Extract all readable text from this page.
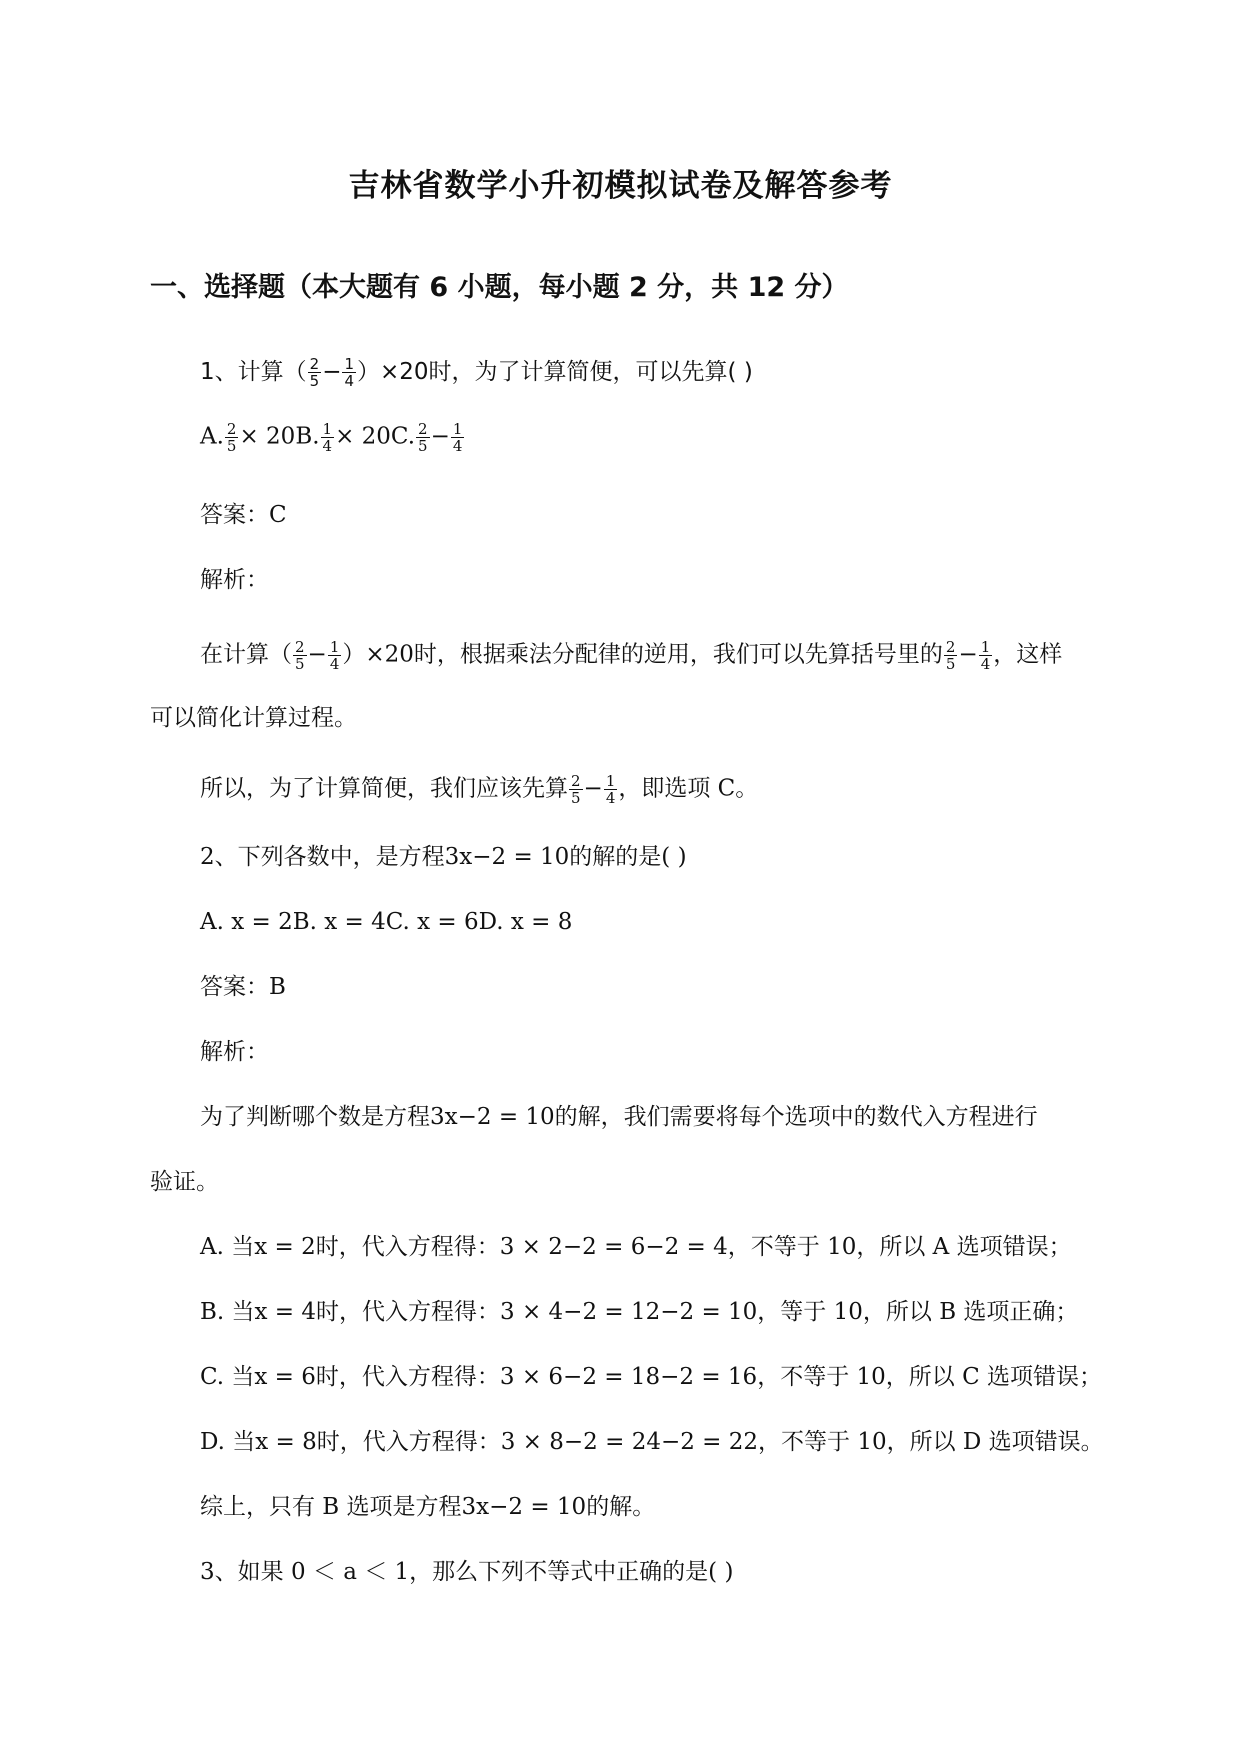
吉林省数学小升初模拟试卷及解答参考
一、选择题（本大题有 6 小题，每小题 2 分，共 12 分）
1、计算（ $\frac{2}{5} - \frac{1}{4} )\times 20$时，为了计算简便，可以先算( )
A. $\frac{2}{5} \times 20B$. $\frac{1}{4} \times 20C$. $\frac{2}{5} - \frac{1}{4}$
答案：C
解析：
在计算（ $\frac{2}{5} - \frac{1}{4} )\times 20$时，根据乘法分配律的逆用，我们可以先算括号里的 $\frac{2}{5} - \frac{1}{4}$ ，这样
可以简化计算过程。
所以，为了计算简便，我们应该先算 $\frac{2}{5} - \frac{1}{4}$ ，即选项 C。
2、下列各数中，是方程3x−2 = 10的解的是( )
A. x = 2B. x = 4C. x = 6D. x = 8
答案：B
解析：
为了判断哪个数是方程3x−2 = 10的解，我们需要将每个选项中的数代入方程进行
验证。
A. 当x = 2时，代入方程得：3 × 2−2 = 6−2 = 4，不等于 10，所以 A 选项错误；
B. 当x = 4时，代入方程得：3 × 4−2 = 12−2 = 10，等于 10，所以 B 选项正确；
C. 当x = 6时，代入方程得：3 × 6−2 = 18−2 = 16，不等于 10，所以 C 选项错误；
D. 当x = 8时，代入方程得：3 × 8−2 = 24−2 = 22，不等于 10，所以 D 选项错误。
综上，只有 B 选项是方程3x−2 = 10的解。
3、如果 0 ＜ a ＜ 1，那么下列不等式中正确的是( )
